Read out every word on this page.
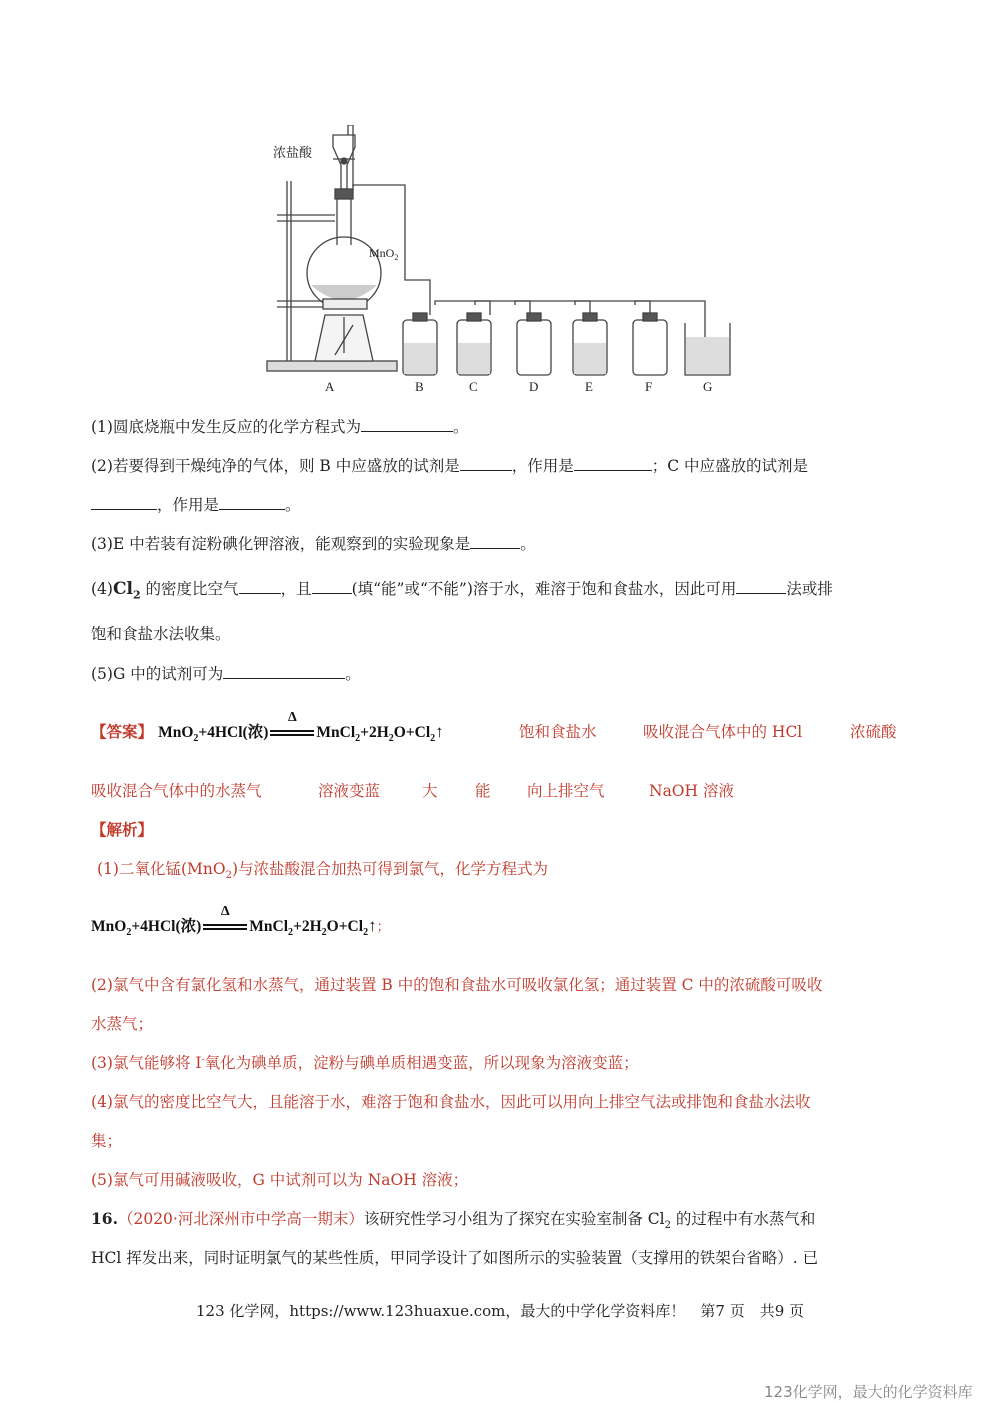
浓盐酸
MnO$_2$
A	B	C	D	E	F	G
(1)圆底烧瓶中发生反应的化学方程式为	。
(2)若要得到干燥纯净的气体，则 B 中应盛放的试剂是	，作用是	；C 中应盛放的试剂是
，作用是	。
(3)E 中若装有淀粉碘化钾溶液，能观察到的实验现象是	。
$(4)Cl_2$ 的密度比空气	，且	(填“能”或“不能”)溶于水，难溶于饱和食盐水，因此可用	法或排
饱和食盐水法收集。
(5)G 中的试剂可为	。
【答案】 MnO$_2$+4HCl(浓)
Δ
$MnCl_2+2H_2O+Cl_2↑$	饱和食盐水	吸收混合气体中的 HCl	浓硫酸
吸收混合气体中的水蒸气	溶液变蓝	大 能 向上排空气	NaOH 溶液
【解析】
(1)二氧化锰(MnO$_2$)与浓盐酸混合加热可得到氯气，化学方程式为
MnO$_2$+4HCl(浓)
Δ
$MnCl_2+2H_2O+Cl_2↑$；
(2)氯气中含有氯化氢和水蒸气，通过装置 B 中的饱和食盐水可吸收氯化氢；通过装置 C 中的浓硫酸可吸收
水蒸气；
(3)氯气能够将 I-氧化为碘单质，淀粉与碘单质相遇变蓝，所以现象为溶液变蓝；
(4)氯气的密度比空气大，且能溶于水，难溶于饱和食盐水，因此可以用向上排空气法或排饱和食盐水法收
集；
(5)氯气可用碱液吸收，G 中试剂可以为 NaOH 溶液；
16.（2020·河北深州市中学高一期末）该研究性学习小组为了探究在实验室制备 $Cl_2$ 的过程中有水蒸气和
HCl 挥发出来，同时证明氯气的某些性质，甲同学设计了如图所示的实验装置（支撑用的铁架台省略）. 已
123 化学网，https://www.123huaxue.com，最大的中学化学资料库！　第7 页　共9 页
123化学网，最大的化学资料库
